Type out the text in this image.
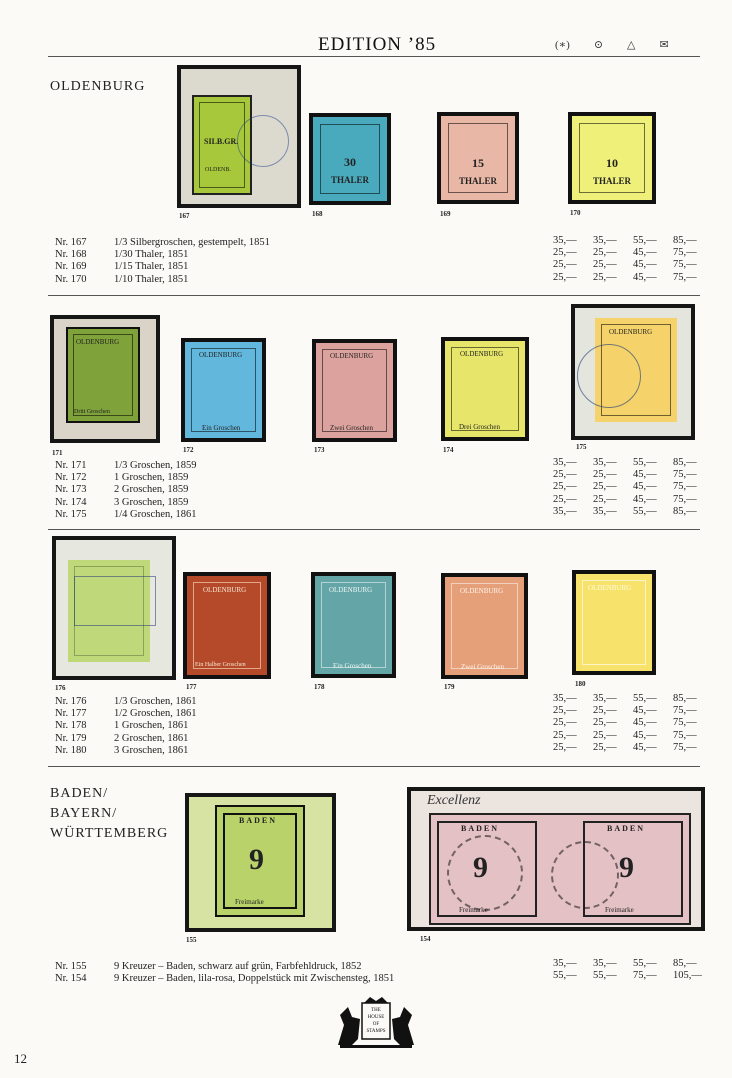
EDITION ’85	(∗) ⊙ △ ✉
OLDENBURG
SILB.GR.
OLDENB.
167
30
THALER
168
15
THALER
169
10
THALER
170
Nr. 167	1/3 Silbergroschen, gestempelt, 1851
Nr. 168	1/30 Thaler, 1851
Nr. 169	1/15 Thaler, 1851
Nr. 170	1/10 Thaler, 1851
35,—	35,—	55,—	85,—
25,—	25,—	45,—	75,—
25,—	25,—	45,—	75,—
25,—	25,—	45,—	75,—
OLDENBURG
Dritt Groschen
171
OLDENBURG
Ein Groschen
172
OLDENBURG
Zwei Groschen
173
OLDENBURG
Drei Groschen
174
OLDENBURG
175
Nr. 171	1/3 Groschen, 1859
Nr. 172	1 Groschen, 1859
Nr. 173	2 Groschen, 1859
Nr. 174	3 Groschen, 1859
Nr. 175	1/4 Groschen, 1861
35,—	35,—	55,—	85,—
25,—	25,—	45,—	75,—
25,—	25,—	45,—	75,—
25,—	25,—	45,—	75,—
35,—	35,—	55,—	85,—
176
OLDENBURG
Ein Halber Groschen
177
OLDENBURG
Ein Groschen
178
OLDENBURG
Zwei Groschen
179
OLDENBURG
180
Nr. 176	1/3 Groschen, 1861
Nr. 177	1/2 Groschen, 1861
Nr. 178	1 Groschen, 1861
Nr. 179	2 Groschen, 1861
Nr. 180	3 Groschen, 1861
35,—	35,—	55,—	85,—
25,—	25,—	45,—	75,—
25,—	25,—	45,—	75,—
25,—	25,—	45,—	75,—
25,—	25,—	45,—	75,—
BADEN/
BAYERN/
WÜRTTEMBERG
BADEN
9
Freimarke
155
Excellenz
BADEN	BADEN
9	9
Freimarke	Freimarke
154
Nr. 155	9 Kreuzer – Baden, schwarz auf grün, Farbfehldruck, 1852
Nr. 154	9 Kreuzer – Baden, lila-rosa, Doppelstück mit Zwischensteg, 1851
35,—	35,—	55,—	85,—
55,—	55,—	75,—	105,—
THE
HOUSE
OF
STAMPS
12
